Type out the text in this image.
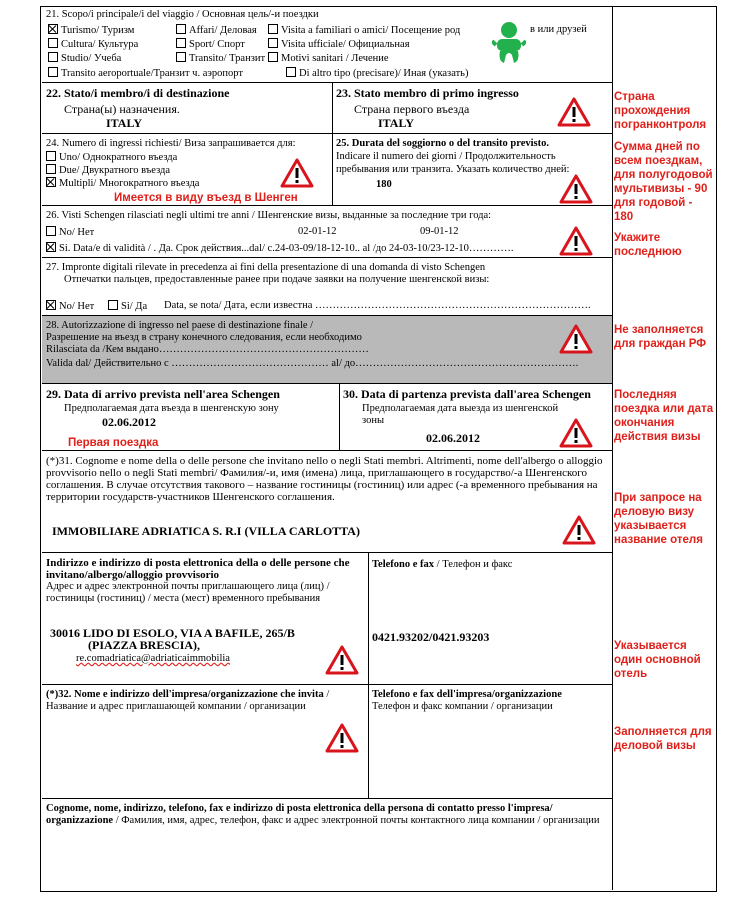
21. Scopo/i principale/i del viaggio / Основная цель/-и поездки
Turismo/ Туризм	Affari/ Деловая	Visita a familiari o amici/ Посещение род	в или друзей
Cultura/ Культура	Sport/ Спорт	Visita ufficiale/ Официальная
Studio/ Учеба	Transito/ Транзит	Motivi sanitari / Лечение
Transito aeroportuale/Транзит ч. аэропорт	Di altro tipo (precisare)/ Иная (указать)
22. Stato/i membro/i di destinazione
Страна(ы) назначения.
ITALY
23. Stato membro di primo ingresso
Страна первого въезда
ITALY
24. Numero di ingressi richiesti/ Виза запрашивается для:
Uno/ Однократного въезда
Due/ Двукратного въезда
Multipli/ Многократного въезда
Имеется в виду въезд в Шенген
25. Durata del soggiorno o del transito previsto.
Indicare il numero dei giorni / Продолжительность
пребывания или транзита. Указать количество дней:
180
26. Visti Schengen rilasciati negli ultimi tre anni / Шенгенские визы, выданные за последние три года:
No/ Нет	02-01-12	09-01-12
Si. Data/e di validità / . Да. Срок действия...dal/ с.24-03-09/18-12-10.. al /до 24-03-10/23-12-10………….
27. Impronte digitali rilevate in precedenza ai fini della presentazione di una domanda di visto Schengen
Отпечатки пальцев, предоставленные ранее при подаче заявки на получение шенгенской визы:
No/ Нет	Si/ Да Data, se nota/ Дата, если известна …………………………………………………………………….
28. Autorizzazione di ingresso nel paese di destinazione finale /
Разрешение на въезд в страну конечного следования, если необходимо
Rilasciata da /Кем выдано……………………………………………………
Valida dal/ Действительно с ……………………………………… al/ до……………………………………………………….
29. Data di arrivo prevista nell'area Schengen
Предполагаемая дата въезда в шенгенскую зону
02.06.2012
Первая поездка
30. Data di partenza prevista dall'area Schengen
Предполагаемая дата выезда из шенгенской
зоны
02.06.2012
(*)31. Cognome e nome della o delle persone che invitano nello o negli Stati membri. Altrimenti, nome dell'albergo o alloggio provvisorio nello o negli Stati membri/ Фамилия/-и, имя (имена) лица, приглашающего в государство/-а Шенгенского соглашения. В случае отсутствия такового – название гостиницы (гостиниц) или адрес (-а временного пребывания на территории государств-участников Шенгенского соглашения.
IMMOBILIARE ADRIATICA S. R.I (VILLA CARLOTTA)
Indirizzo e indirizzo di posta elettronica della o delle persone che invitano/albergo/alloggio provvisorio
Адрес и адрес электронной почты приглашающего лица (лиц) / гостиницы (гостиниц) / места (мест) временного пребывания
30016 LIDO DI ESOLO, VIA A BAFILE, 265/B
(PIAZZA BRESCIA),
re.comadriatica@adriaticaimmobilia
Telefono e fax / Телефон и факс
0421.93202/0421.93203
(*)32. Nome e indirizzo dell'impresa/organizzazione che invita / Название и адрес приглашающей компании / организации
Telefono e fax dell'impresa/organizzazione
Телефон и факс компании / организации
Cognome, nome, indirizzo, telefono, fax e indirizzo di posta elettronica della persona di contatto presso l'impresa/ organizzazione / Фамилия, имя, адрес, телефон, факс и адрес электронной почты контактного лица компании / организации
Страна прохождения погранконтроля
Сумма дней по всем поездкам, для полугодовой мультивизы - 90 для годовой - 180
Укажите последнюю
Не заполняется для граждан РФ
Последняя поездка или дата окончания действия визы
При запросе на деловую визу указывается название отеля
Указывается один основной отель
Заполняется для деловой визы
